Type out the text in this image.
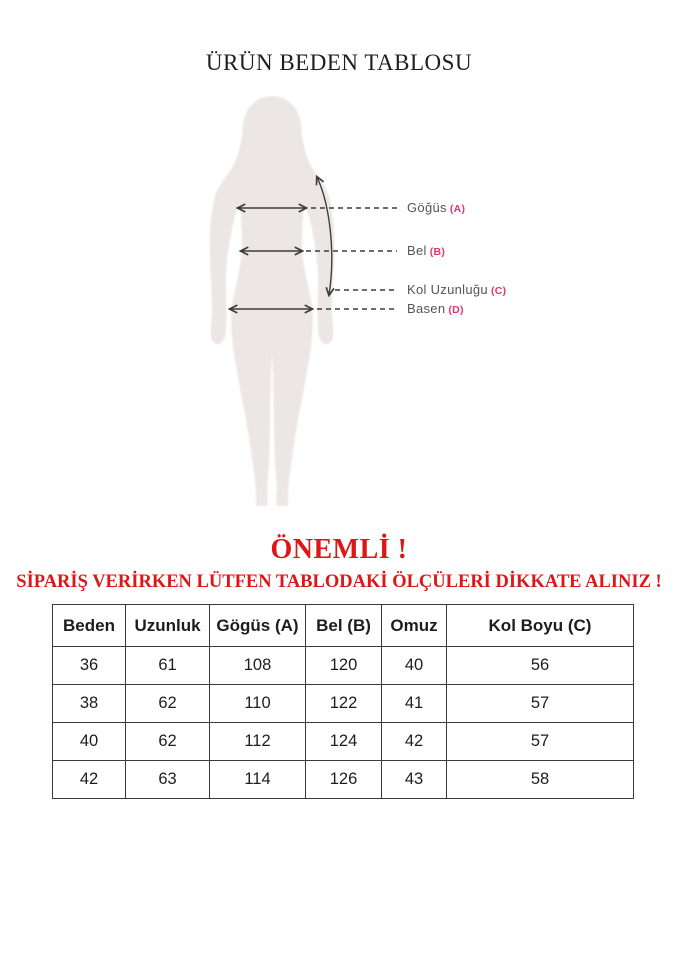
ÜRÜN BEDEN TABLOSU
Göğüs (A)
Bel (B)
Kol Uzunluğu (C)
Basen (D)
ÖNEMLİ !
SİPARİŞ VERİRKEN LÜTFEN TABLODAKİ ÖLÇÜLERİ DİKKATE ALINIZ !
Beden	Uzunluk	Gögüs (A)	Bel (B)	Omuz	Kol Boyu (C)
36	61	108	120	40	56
38	62	110	122	41	57
40	62	112	124	42	57
42	63	114	126	43	58
